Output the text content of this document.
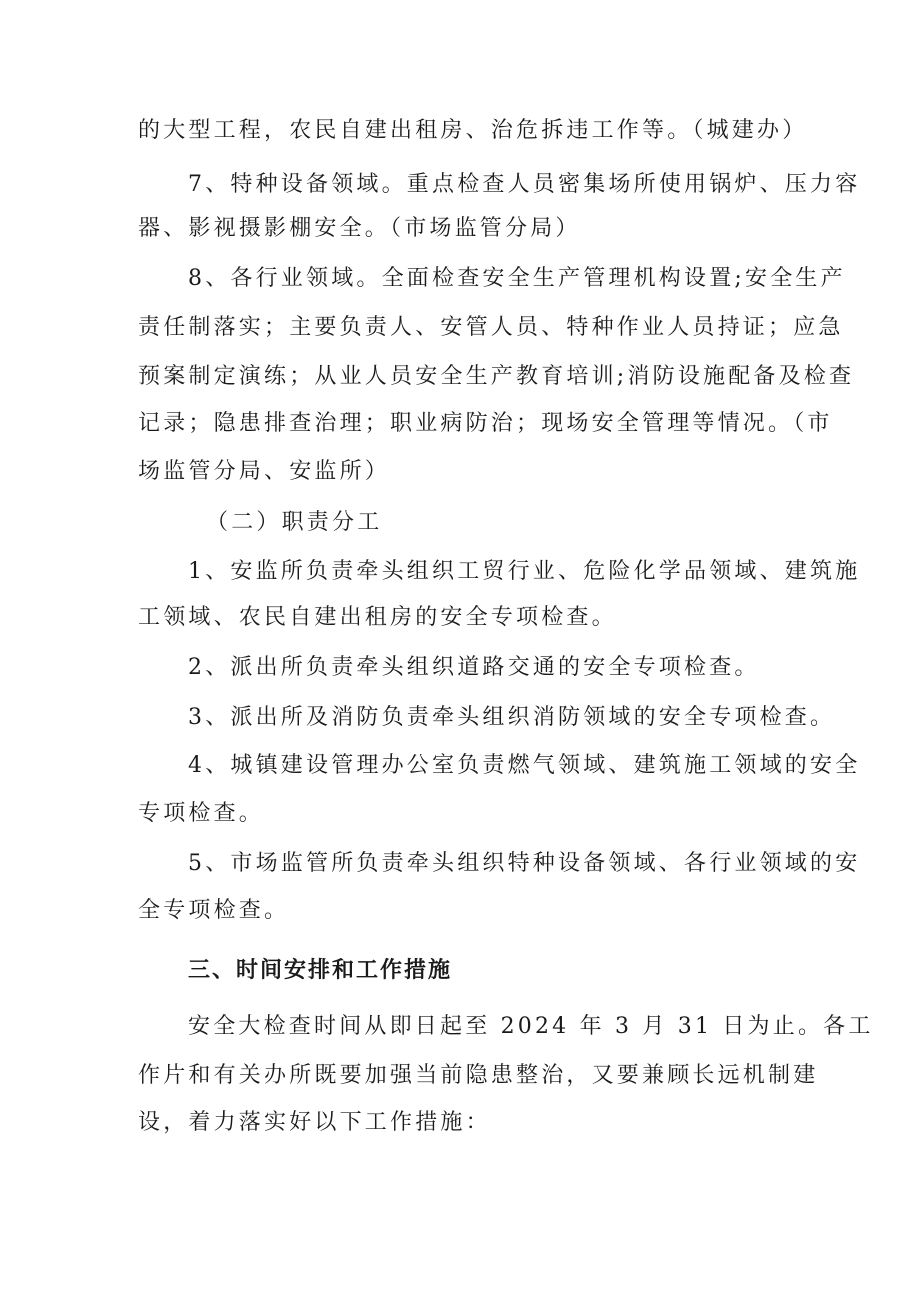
的大型工程，农民自建出租房、治危拆违工作等。（城建办）
7、特种设备领域。重点检查人员密集场所使用锅炉、压力容
器、影视摄影棚安全。（市场监管分局）
8、各行业领域。全面检查安全生产管理机构设置;安全生产
责任制落实；主要负责人、安管人员、特种作业人员持证；应急
预案制定演练；从业人员安全生产教育培训;消防设施配备及检查
记录；隐患排查治理；职业病防治；现场安全管理等情况。（市
场监管分局、安监所）
（二）职责分工
1、安监所负责牵头组织工贸行业、危险化学品领域、建筑施
工领域、农民自建出租房的安全专项检查。
2、派出所负责牵头组织道路交通的安全专项检查。
3、派出所及消防负责牵头组织消防领域的安全专项检查。
4、城镇建设管理办公室负责燃气领域、建筑施工领域的安全
专项检查。
5、市场监管所负责牵头组织特种设备领域、各行业领域的安
全专项检查。
三、时间安排和工作措施
安全大检查时间从即日起至 2024 年 3 月 31 日为止。各工
作片和有关办所既要加强当前隐患整治，又要兼顾长远机制建
设，着力落实好以下工作措施：
